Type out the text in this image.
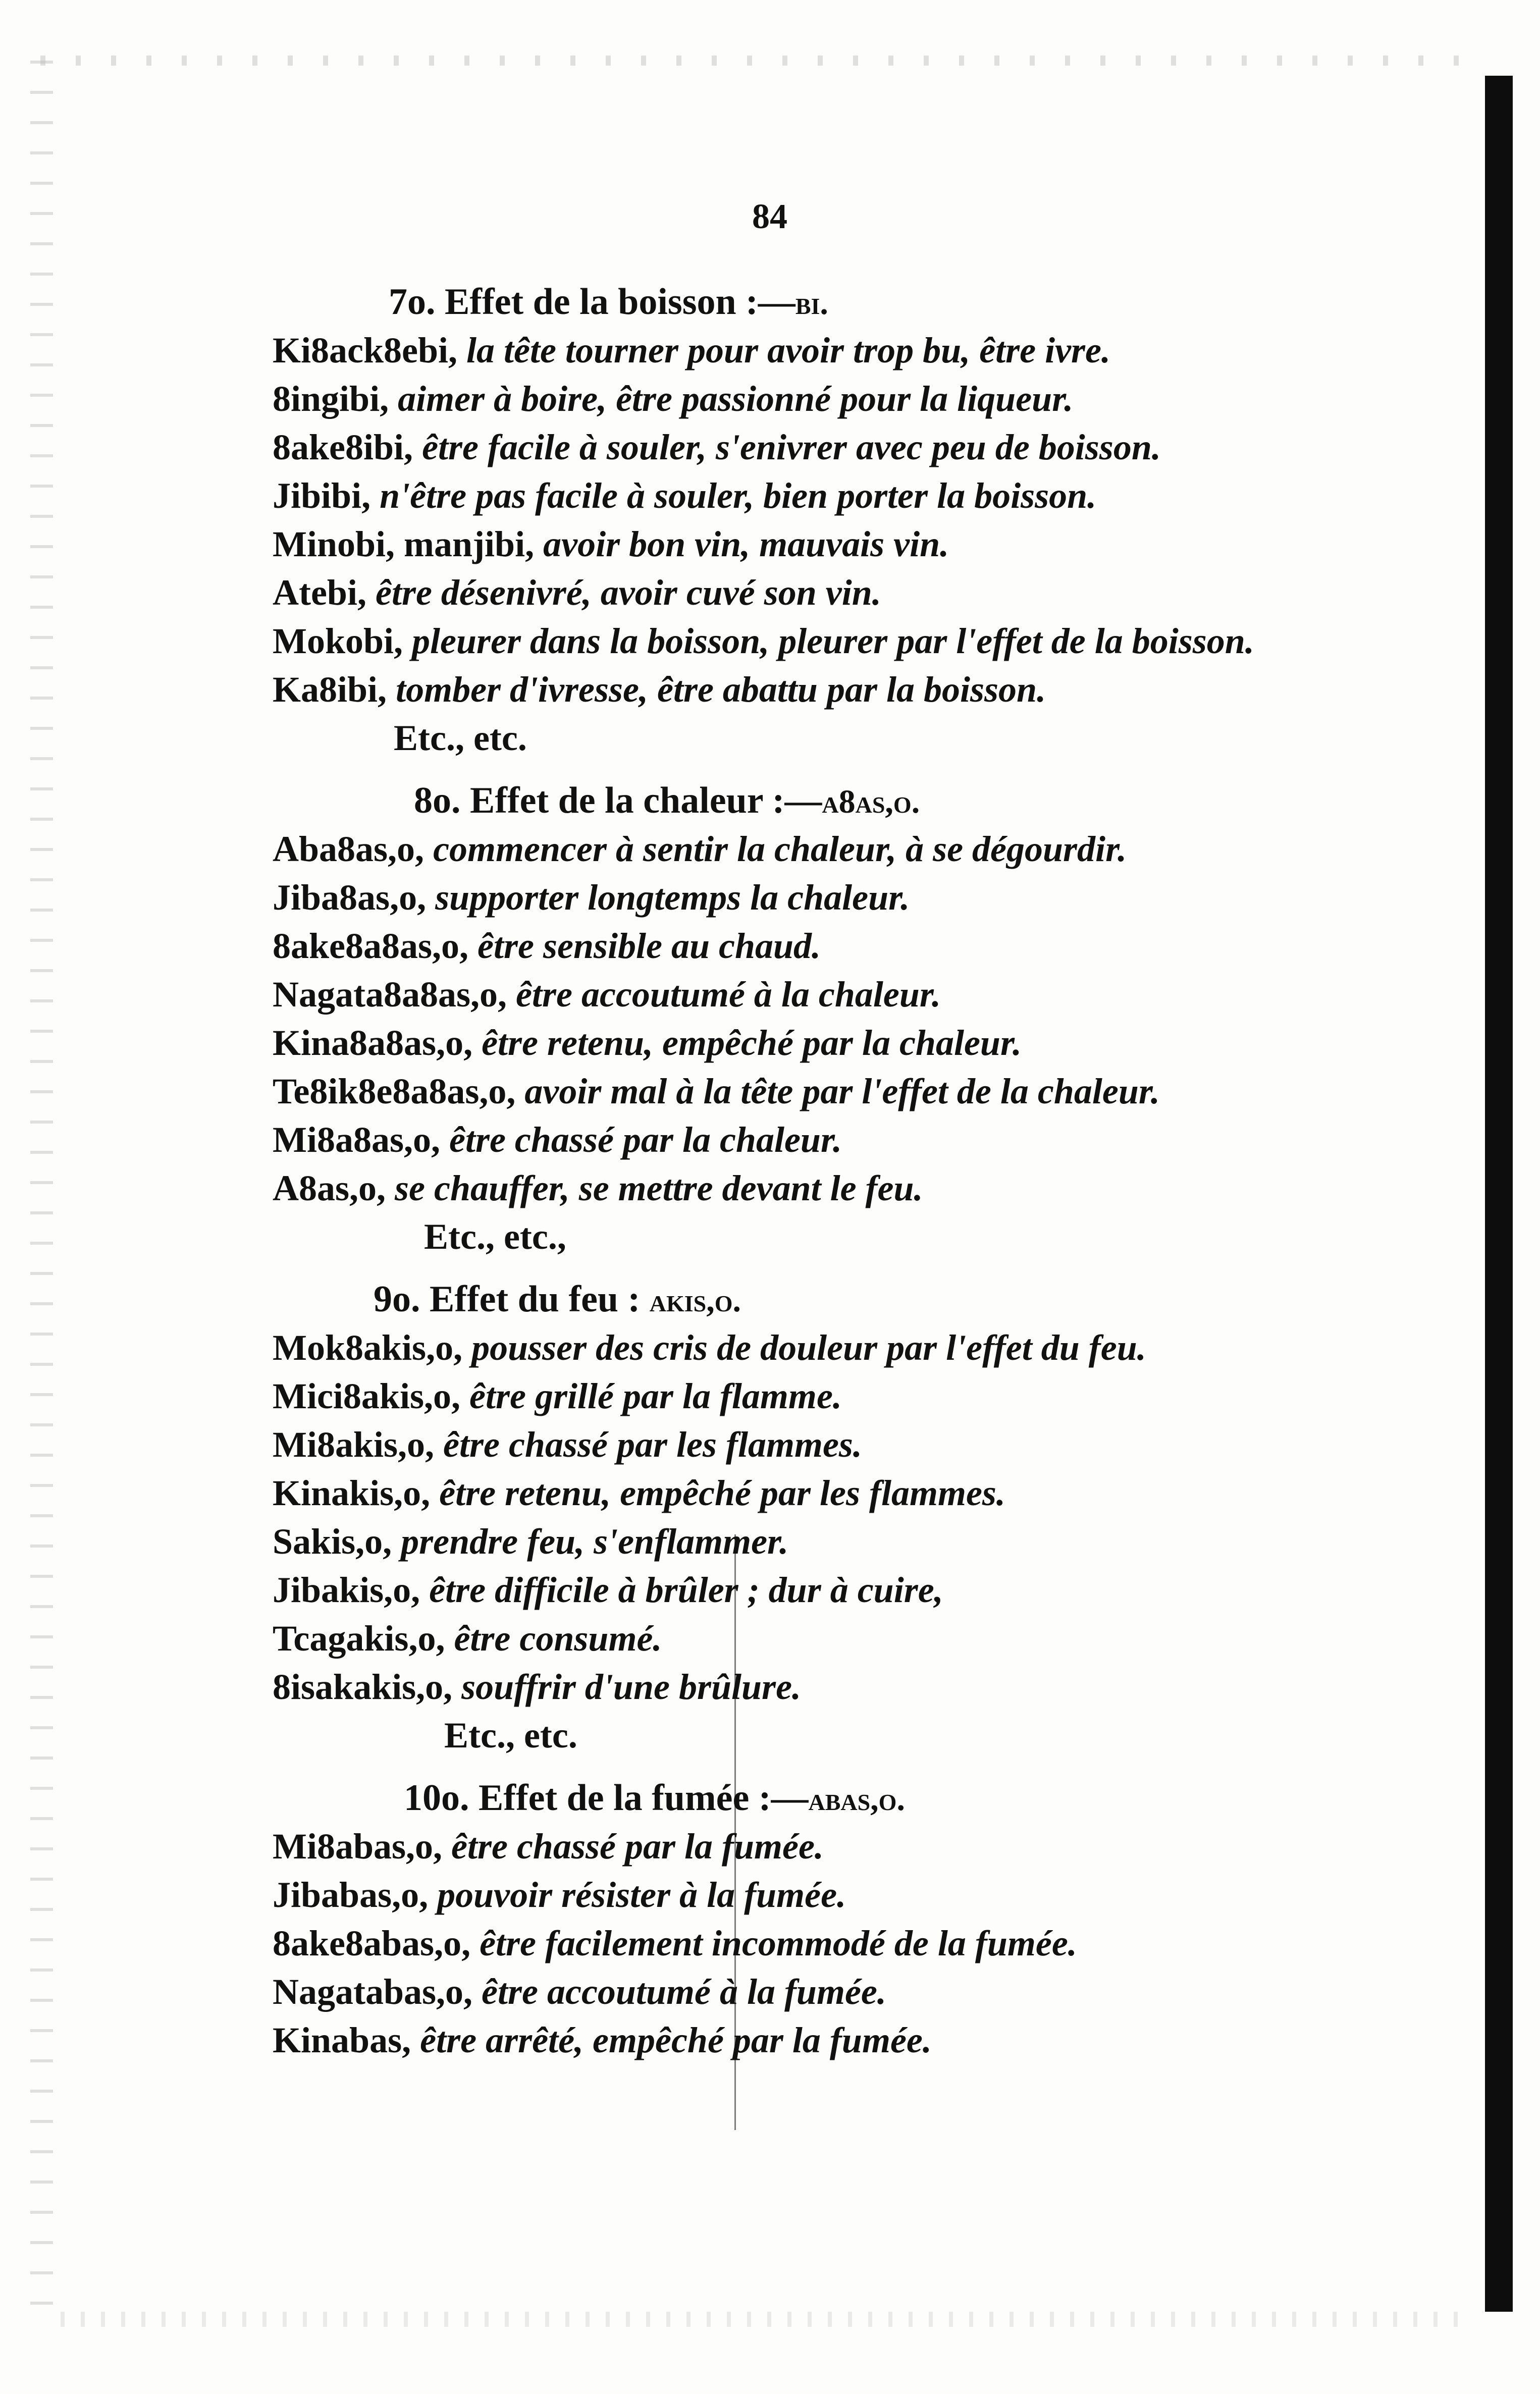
84
7o. Effet de la boisson :—bi.
Ki8ack8ebi, la tête tourner pour avoir trop bu, être ivre.
8ingibi, aimer à boire, être passionné pour la liqueur.
8ake8ibi, être facile à souler, s'enivrer avec peu de boisson.
Jibibi, n'être pas facile à souler, bien porter la boisson.
Minobi, manjibi, avoir bon vin, mauvais vin.
Atebi, être désenivré, avoir cuvé son vin.
Mokobi, pleurer dans la boisson, pleurer par l'effet de la boisson.
Ka8ibi, tomber d'ivresse, être abattu par la boisson.
Etc., etc.
8o. Effet de la chaleur :—a8as,o.
Aba8as,o, commencer à sentir la chaleur, à se dégourdir.
Jiba8as,o, supporter longtemps la chaleur.
8ake8a8as,o, être sensible au chaud.
Nagata8a8as,o, être accoutumé à la chaleur.
Kina8a8as,o, être retenu, empêché par la chaleur.
Te8ik8e8a8as,o, avoir mal à la tête par l'effet de la chaleur.
Mi8a8as,o, être chassé par la chaleur.
A8as,o, se chauffer, se mettre devant le feu.
Etc., etc.,
9o. Effet du feu : akis,o.
Mok8akis,o, pousser des cris de douleur par l'effet du feu.
Mici8akis,o, être grillé par la flamme.
Mi8akis,o, être chassé par les flammes.
Kinakis,o, être retenu, empêché par les flammes.
Sakis,o, prendre feu, s'enflammer.
Jibakis,o, être difficile à brûler ; dur à cuire,
Tcagakis,o, être consumé.
8isakakis,o, souffrir d'une brûlure.
Etc., etc.
10o. Effet de la fumée :—abas,o.
Mi8abas,o, être chassé par la fumée.
Jibabas,o, pouvoir résister à la fumée.
8ake8abas,o, être facilement incommodé de la fumée.
Nagatabas,o, être accoutumé à la fumée.
Kinabas, être arrêté, empêché par la fumée.
